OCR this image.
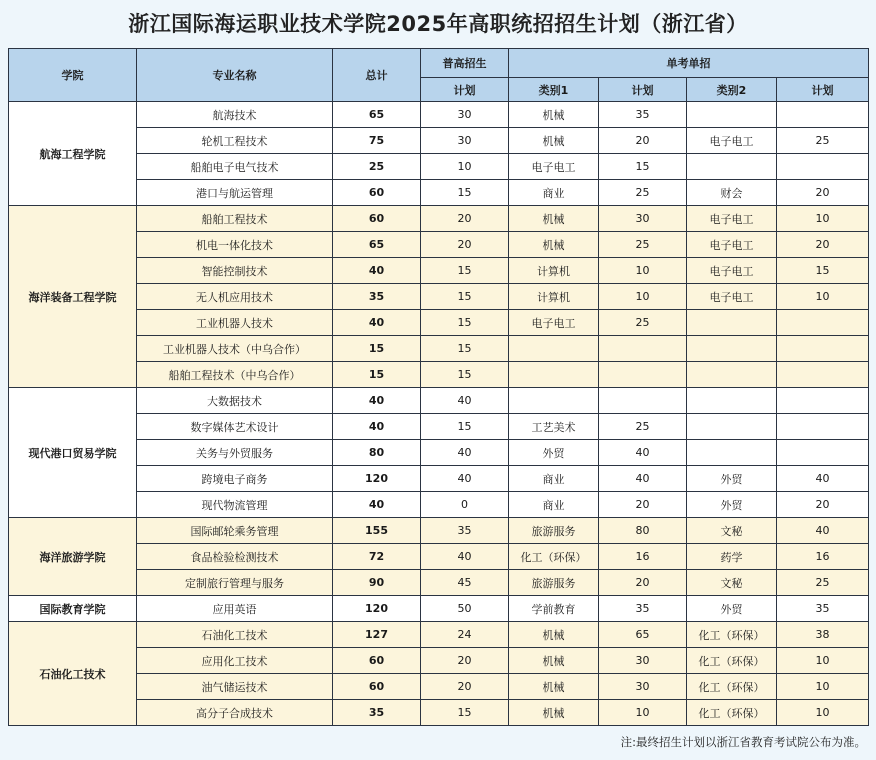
浙江国际海运职业技术学院2025年高职统招招生计划（浙江省）
学院	专业名称	总计	普高招生	单考单招			
			计划	类别1	计划	类别2	计划
航海工程学院	航海技术	65	30	机械	35		
	轮机工程技术	75	30	机械	20	电子电工	25
	船舶电子电气技术	25	10	电子电工	15		
	港口与航运管理	60	15	商业	25	财会	20
海洋装备工程学院	船舶工程技术	60	20	机械	30	电子电工	10
	机电一体化技术	65	20	机械	25	电子电工	20
	智能控制技术	40	15	计算机	10	电子电工	15
	无人机应用技术	35	15	计算机	10	电子电工	10
	工业机器人技术	40	15	电子电工	25		
	工业机器人技术（中乌合作）	15	15				
	船舶工程技术（中乌合作）	15	15				
现代港口贸易学院	大数据技术	40	40				
	数字媒体艺术设计	40	15	工艺美术	25		
	关务与外贸服务	80	40	外贸	40		
	跨境电子商务	120	40	商业	40	外贸	40
	现代物流管理	40	0	商业	20	外贸	20
海洋旅游学院	国际邮轮乘务管理	155	35	旅游服务	80	文秘	40
	食品检验检测技术	72	40	化工（环保）	16	药学	16
	定制旅行管理与服务	90	45	旅游服务	20	文秘	25
国际教育学院	应用英语	120	50	学前教育	35	外贸	35
石油化工技术	石油化工技术	127	24	机械	65	化工（环保）	38
	应用化工技术	60	20	机械	30	化工（环保）	10
	油气储运技术	60	20	机械	30	化工（环保）	10
	高分子合成技术	35	15	机械	10	化工（环保）	10
注:最终招生计划以浙江省教育考试院公布为准。
